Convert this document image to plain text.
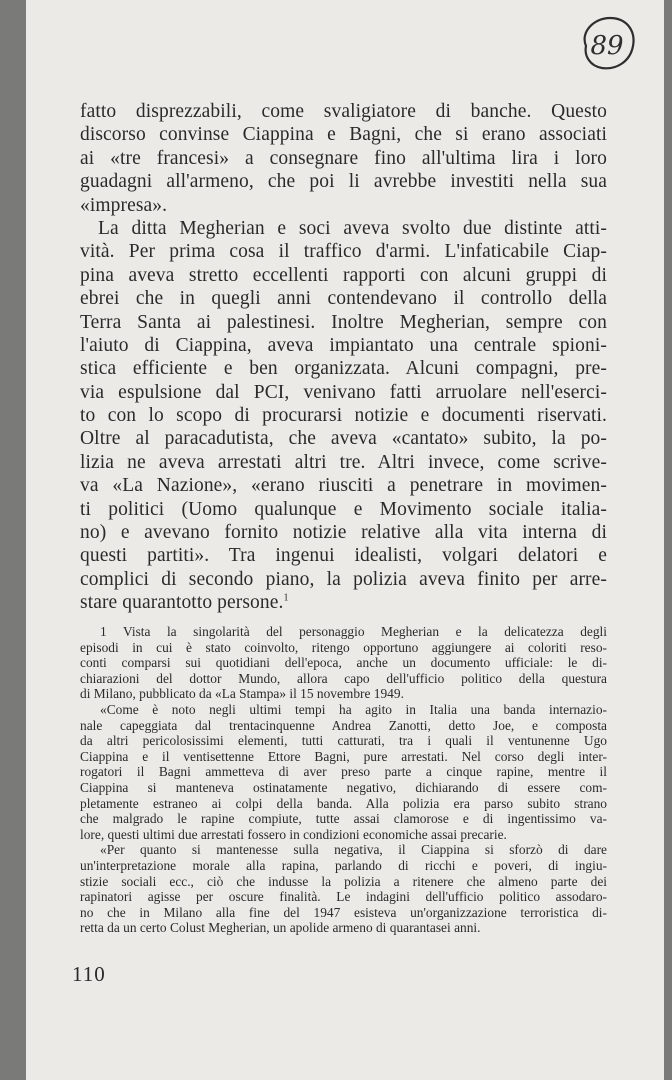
89
fatto disprezzabili, come svaligiatore di banche. Questo
discorso convinse Ciappina e Bagni, che si erano associati
ai «tre francesi» a consegnare fino all'ultima lira i loro
guadagni all'armeno, che poi li avrebbe investiti nella sua
«impresa».
La ditta Megherian e soci aveva svolto due distinte atti-
vità. Per prima cosa il traffico d'armi. L'infaticabile Ciap-
pina aveva stretto eccellenti rapporti con alcuni gruppi di
ebrei che in quegli anni contendevano il controllo della
Terra Santa ai palestinesi. Inoltre Megherian, sempre con
l'aiuto di Ciappina, aveva impiantato una centrale spioni-
stica efficiente e ben organizzata. Alcuni compagni, pre-
via espulsione dal PCI, venivano fatti arruolare nell'eserci-
to con lo scopo di procurarsi notizie e documenti riservati.
Oltre al paracadutista, che aveva «cantato» subito, la po-
lizia ne aveva arrestati altri tre. Altri invece, come scrive-
va «La Nazione», «erano riusciti a penetrare in movimen-
ti politici (Uomo qualunque e Movimento sociale italia-
no) e avevano fornito notizie relative alla vita interna di
questi partiti». Tra ingenui idealisti, volgari delatori e
complici di secondo piano, la polizia aveva finito per arre-
stare quarantotto persone.$^1$
1 Vista la singolarità del personaggio Megherian e la delicatezza degli
episodi in cui è stato coinvolto, ritengo opportuno aggiungere ai coloriti reso-
conti comparsi sui quotidiani dell'epoca, anche un documento ufficiale: le di-
chiarazioni del dottor Mundo, allora capo dell'ufficio politico della questura
di Milano, pubblicato da «La Stampa» il 15 novembre 1949.
«Come è noto negli ultimi tempi ha agito in Italia una banda internazio-
nale capeggiata dal trentacinquenne Andrea Zanotti, detto Joe, e composta
da altri pericolosissimi elementi, tutti catturati, tra i quali il ventunenne Ugo
Ciappina e il ventisettenne Ettore Bagni, pure arrestati. Nel corso degli inter-
rogatori il Bagni ammetteva di aver preso parte a cinque rapine, mentre il
Ciappina si manteneva ostinatamente negativo, dichiarando di essere com-
pletamente estraneo ai colpi della banda. Alla polizia era parso subito strano
che malgrado le rapine compiute, tutte assai clamorose e di ingentissimo va-
lore, questi ultimi due arrestati fossero in condizioni economiche assai precarie.
«Per quanto si mantenesse sulla negativa, il Ciappina si sforzò di dare
un'interpretazione morale alla rapina, parlando di ricchi e poveri, di ingiu-
stizie sociali ecc., ciò che indusse la polizia a ritenere che almeno parte dei
rapinatori agisse per oscure finalità. Le indagini dell'ufficio politico assodaro-
no che in Milano alla fine del 1947 esisteva un'organizzazione terroristica di-
retta da un certo Colust Megherian, un apolide armeno di quarantasei anni.
110
